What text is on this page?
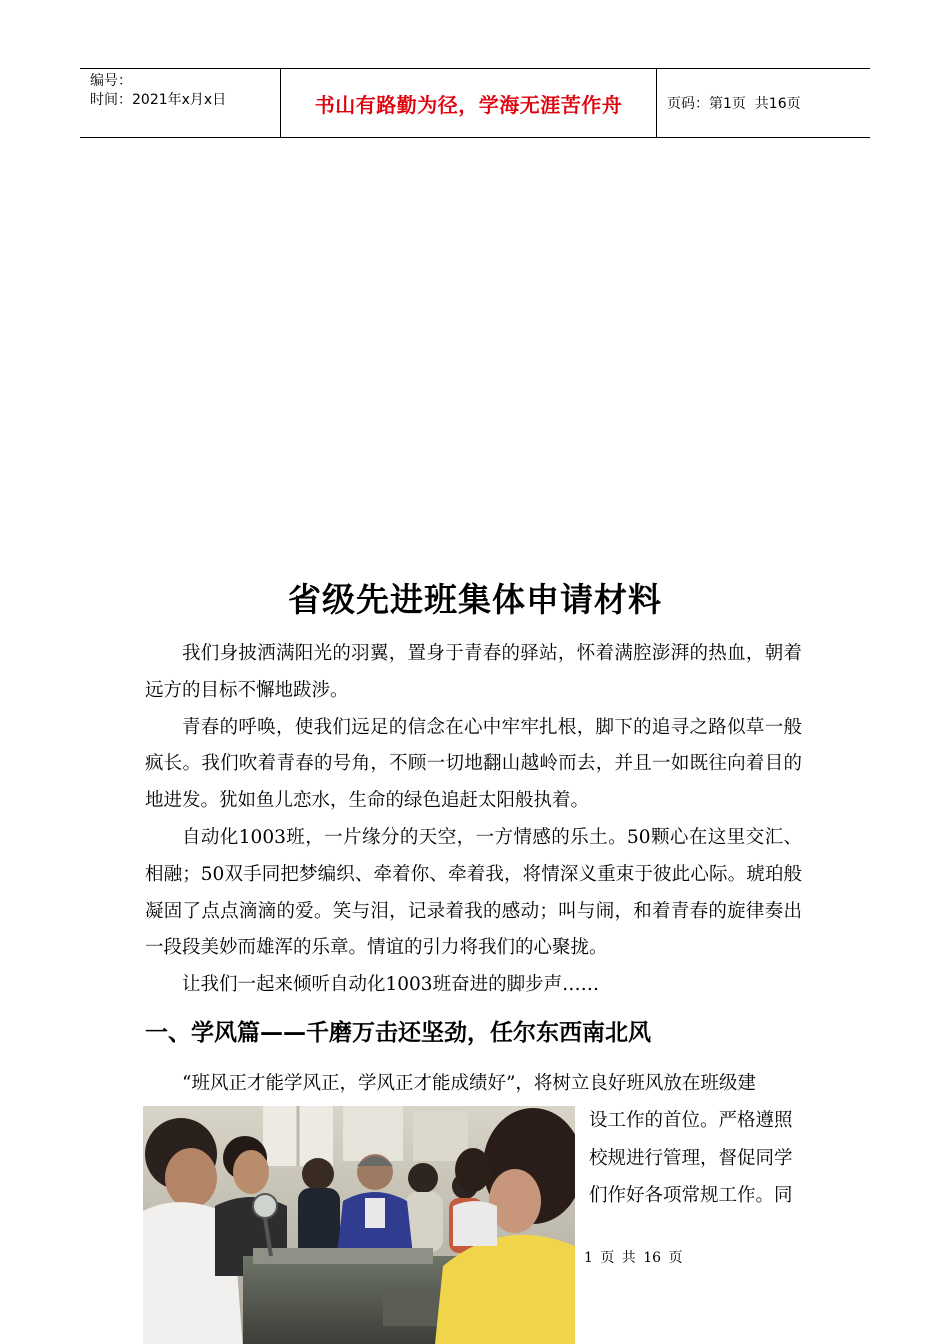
编号：
时间：2021年x月x日	书山有路勤为径，学海无涯苦作舟	页码：第1页  共16页
省级先进班集体申请材料

我们身披洒满阳光的羽翼，置身于青春的驿站，怀着满腔澎湃的热血，朝着远方的目标不懈地跋涉。

青春的呼唤，使我们远足的信念在心中牢牢扎根，脚下的追寻之路似草一般疯长。我们吹着青春的号角，不顾一切地翻山越岭而去，并且一如既往向着目的地进发。犹如鱼儿恋水，生命的绿色追赶太阳般执着。

自动化1003班，一片缘分的天空，一方情感的乐土。50颗心在这里交汇、相融；50双手同把梦编织、牵着你、牵着我，将情深义重束于彼此心际。琥珀般凝固了点点滴滴的爱。笑与泪，记录着我的感动；叫与闹，和着青春的旋律奏出一段段美妙而雄浑的乐章。情谊的引力将我们的心聚拢。

让我们一起来倾听自动化1003班奋进的脚步声……

一、学风篇——千磨万击还坚劲，任尔东西南北风

“班风正才能学风正，学风正才能成绩好”，将树立良好班风放在班级建

设工作的首位。严格遵照
校规进行管理，督促同学
们作好各项常规工作。同
1 页 共 16 页
